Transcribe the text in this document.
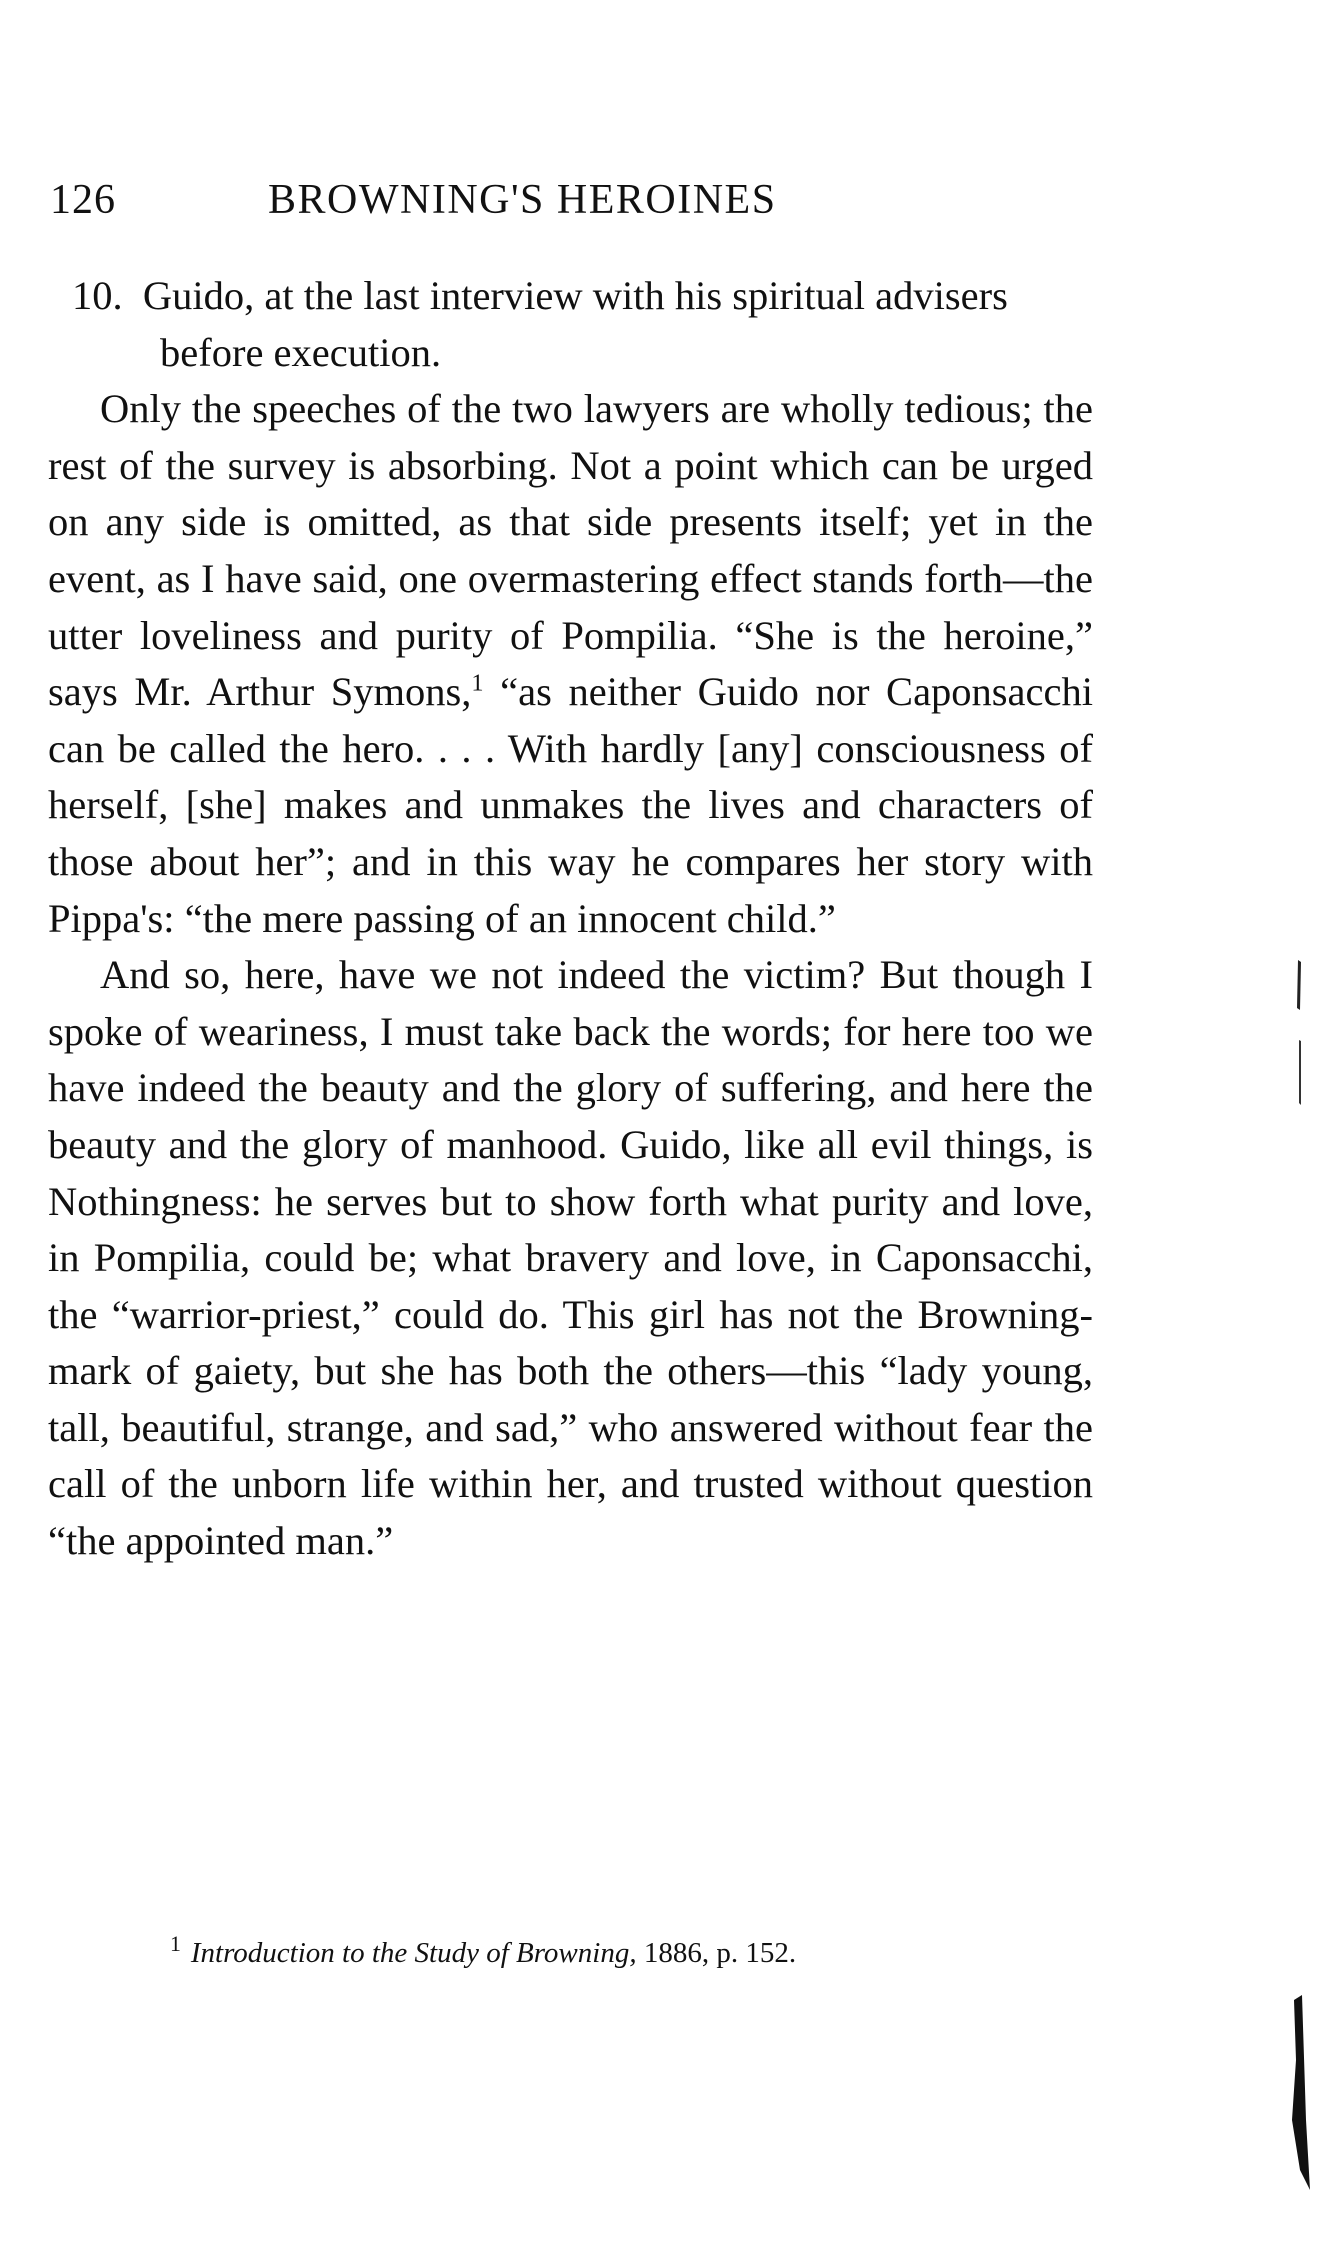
126	BROWNING'S HEROINES

10. Guido, at the last interview with his spiritual advisers before execution.

Only the speeches of the two lawyers are wholly tedious; the rest of the survey is absorbing. Not a point which can be urged on any side is omitted, as that side presents itself; yet in the event, as I have said, one overmastering effect stands forth—the utter loveliness and purity of Pompilia. “She is the heroine,” says Mr. Arthur Symons,$^1$ “as neither Guido nor Caponsacchi can be called the hero. . . . With hardly [any] consciousness of herself, [she] makes and unmakes the lives and characters of those about her”; and in this way he compares her story with Pippa's: “the mere passing of an innocent child.”

And so, here, have we not indeed the victim? But though I spoke of weariness, I must take back the words; for here too we have indeed the beauty and the glory of suffering, and here the beauty and the glory of manhood. Guido, like all evil things, is Nothingness: he serves but to show forth what purity and love, in Pompilia, could be; what bravery and love, in Caponsacchi, the “warrior-priest,” could do. This girl has not the Browning-mark of gaiety, but she has both the others—this “lady young, tall, beautiful, strange, and sad,” who answered without fear the call of the unborn life within her, and trusted without question “the appointed man.”

$^1$ Introduction to the Study of Browning, 1886, p. 152.
